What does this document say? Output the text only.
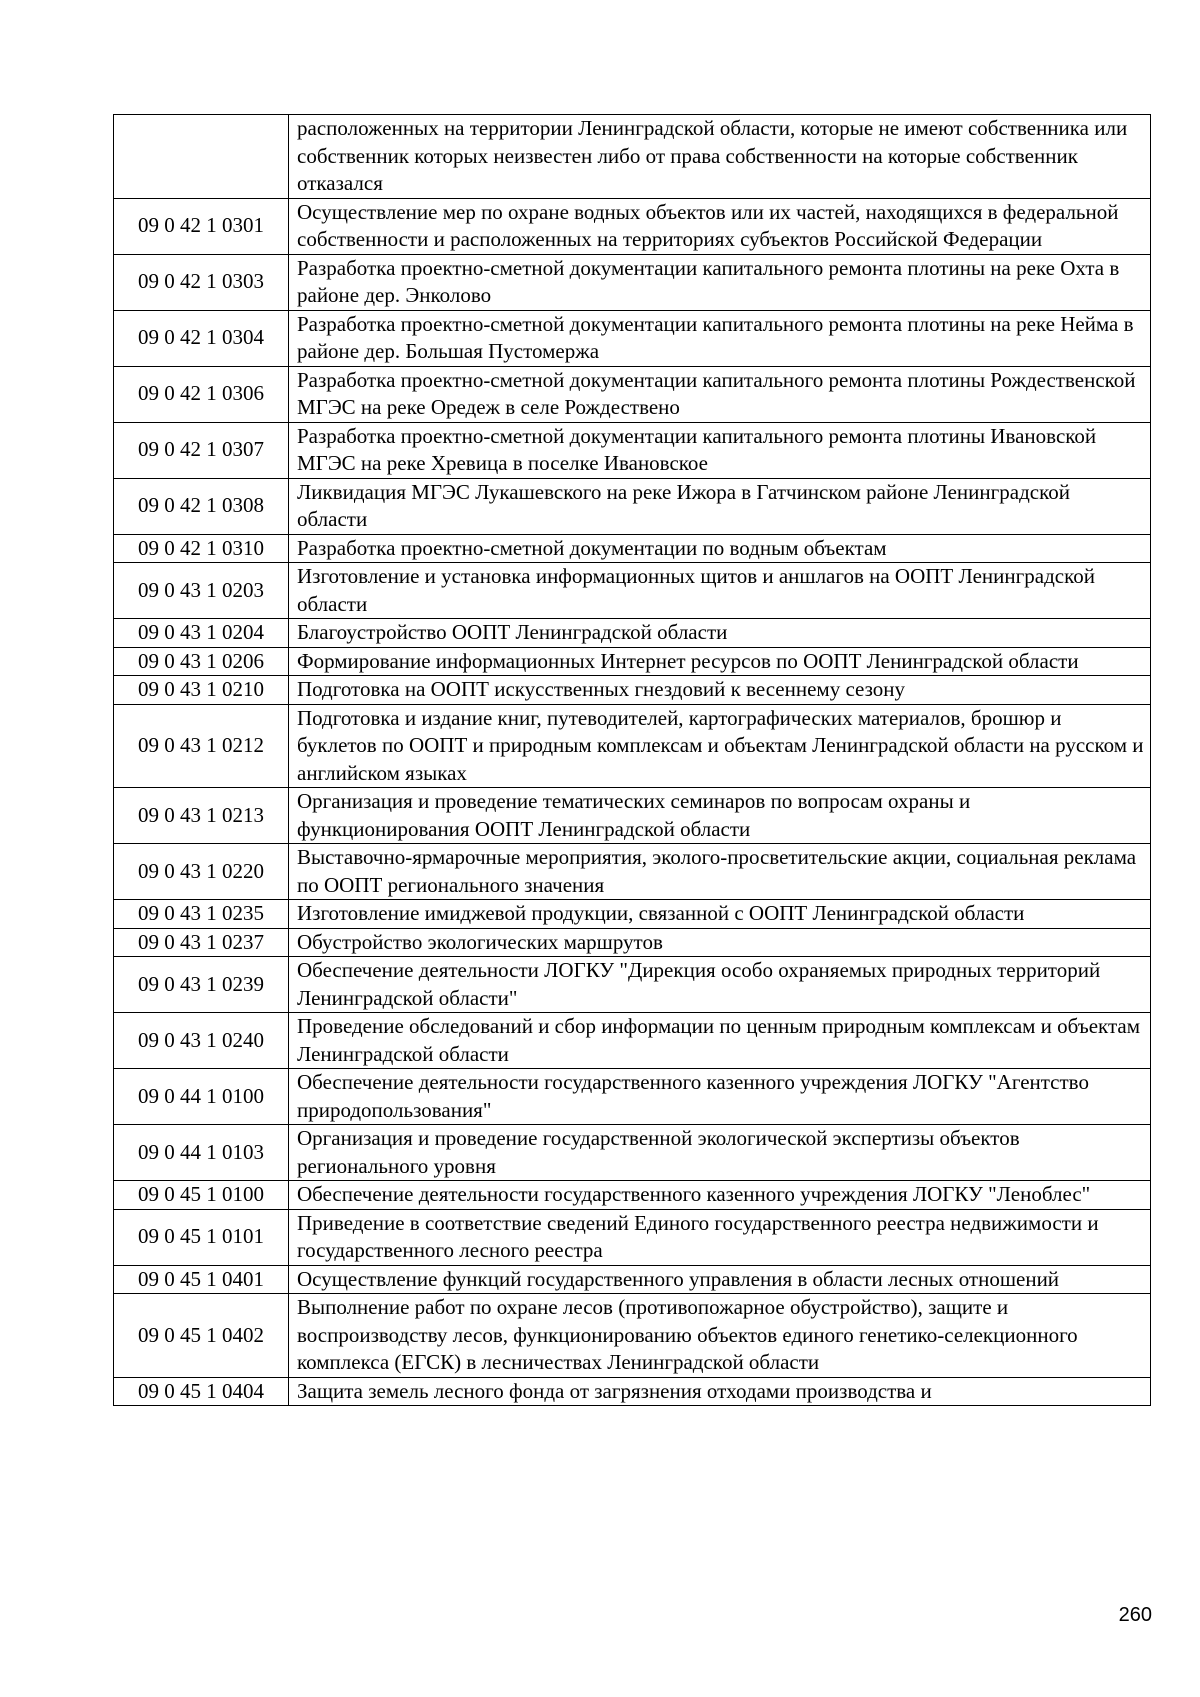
	расположенных на территории Ленинградской области, которые не имеют собственника или собственник которых неизвестен либо от права собственности на которые собственник отказался
09 0 42 1 0301	Осуществление мер по охране водных объектов или их частей, находящихся в федеральной собственности и расположенных на территориях субъектов Российской Федерации
09 0 42 1 0303	Разработка проектно-сметной документации капитального ремонта плотины на реке Охта в районе дер. Энколово
09 0 42 1 0304	Разработка проектно-сметной документации капитального ремонта плотины на реке Нейма в районе дер. Большая Пустомержа
09 0 42 1 0306	Разработка проектно-сметной документации капитального ремонта плотины Рождественской МГЭС на реке Оредеж в селе Рождествено
09 0 42 1 0307	Разработка проектно-сметной документации капитального ремонта плотины Ивановской МГЭС на реке Хревица в поселке Ивановское
09 0 42 1 0308	Ликвидация МГЭС Лукашевского на реке Ижора в Гатчинском районе Ленинградской области
09 0 42 1 0310	Разработка проектно-сметной документации по водным объектам
09 0 43 1 0203	Изготовление и установка информационных щитов и аншлагов на ООПТ Ленинградской области
09 0 43 1 0204	Благоустройство ООПТ Ленинградской области
09 0 43 1 0206	Формирование информационных Интернет ресурсов по ООПТ Ленинградской области
09 0 43 1 0210	Подготовка на ООПТ искусственных гнездовий к весеннему сезону
09 0 43 1 0212	Подготовка и издание книг, путеводителей, картографических материалов, брошюр и буклетов по ООПТ и природным комплексам и объектам Ленинградской области на русском и английском языках
09 0 43 1 0213	Организация и проведение тематических семинаров по вопросам охраны и функционирования ООПТ Ленинградской области
09 0 43 1 0220	Выставочно-ярмарочные мероприятия, эколого-просветительские акции, социальная реклама по ООПТ регионального значения
09 0 43 1 0235	Изготовление имиджевой продукции, связанной с ООПТ Ленинградской области
09 0 43 1 0237	Обустройство экологических маршрутов
09 0 43 1 0239	Обеспечение деятельности ЛОГКУ "Дирекция особо охраняемых природных территорий Ленинградской области"
09 0 43 1 0240	Проведение обследований и сбор информации по ценным природным комплексам и объектам Ленинградской области
09 0 44 1 0100	Обеспечение деятельности государственного казенного учреждения ЛОГКУ "Агентство природопользования"
09 0 44 1 0103	Организация и проведение государственной экологической экспертизы объектов регионального уровня
09 0 45 1 0100	Обеспечение деятельности государственного казенного учреждения ЛОГКУ "Леноблес"
09 0 45 1 0101	Приведение в соответствие сведений Единого государственного реестра недвижимости и государственного лесного реестра
09 0 45 1 0401	Осуществление функций государственного управления в области лесных отношений
09 0 45 1 0402	Выполнение работ по охране лесов (противопожарное обустройство), защите и воспроизводству лесов, функционированию объектов единого генетико-селекционного комплекса (ЕГСК) в лесничествах Ленинградской области
09 0 45 1 0404	Защита земель лесного фонда от загрязнения отходами производства и
260
